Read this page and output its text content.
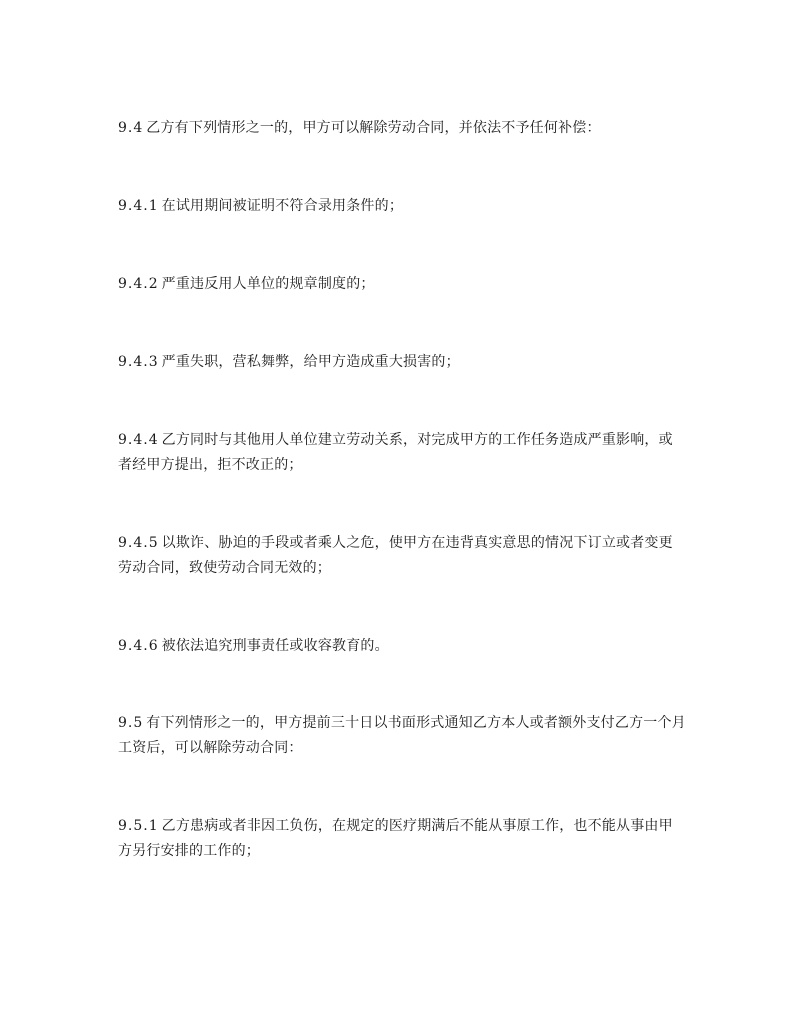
9.4 乙方有下列情形之一的，甲方可以解除劳动合同，并依法不予任何补偿：

9.4.1 在试用期间被证明不符合录用条件的；

9.4.2 严重违反用人单位的规章制度的；

9.4.3 严重失职，营私舞弊，给甲方造成重大损害的；

9.4.4 乙方同时与其他用人单位建立劳动关系，对完成甲方的工作任务造成严重影响，或者经甲方提出，拒不改正的；

9.4.5 以欺诈、胁迫的手段或者乘人之危，使甲方在违背真实意思的情况下订立或者变更劳动合同，致使劳动合同无效的；

9.4.6 被依法追究刑事责任或收容教育的。

9.5 有下列情形之一的，甲方提前三十日以书面形式通知乙方本人或者额外支付乙方一个月工资后，可以解除劳动合同：

9.5.1 乙方患病或者非因工负伤，在规定的医疗期满后不能从事原工作，也不能从事由甲方另行安排的工作的；
